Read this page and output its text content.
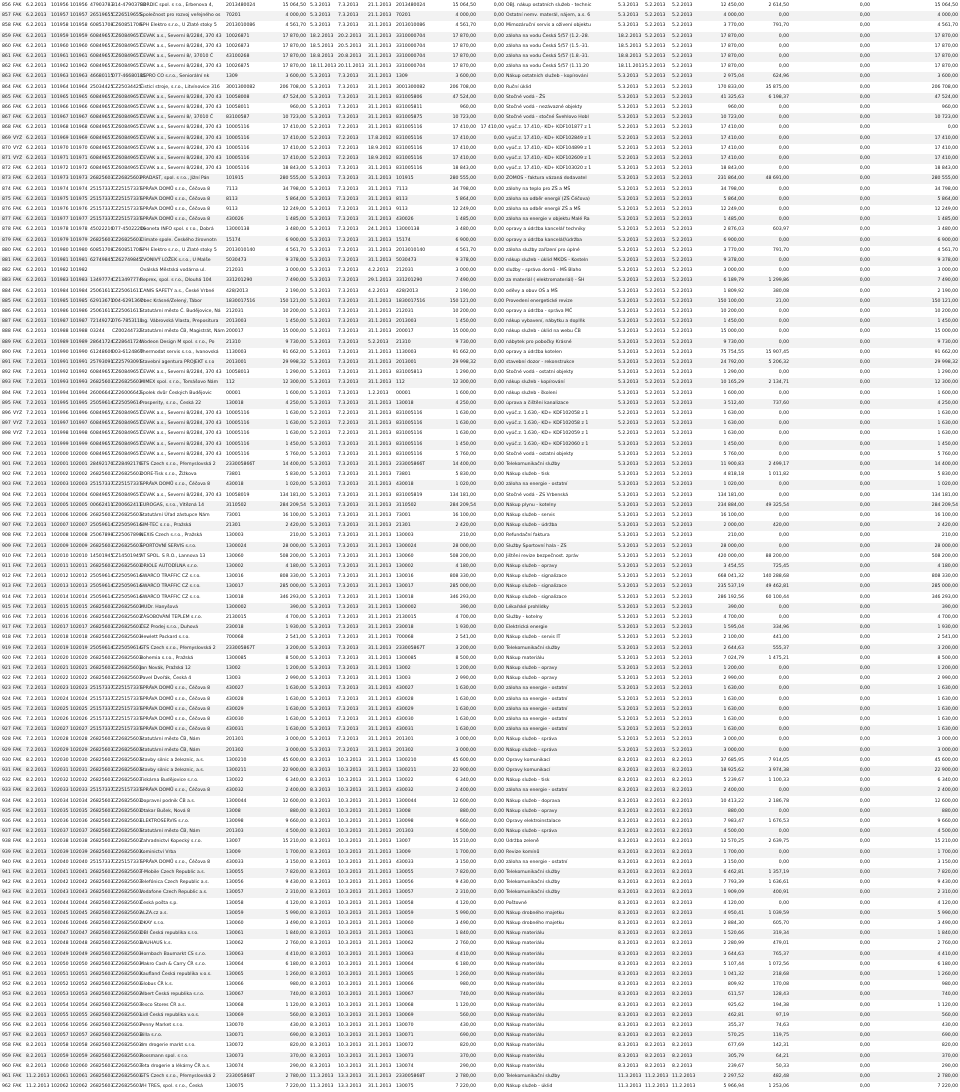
856 FAK	6.2.2013 101956 101956 47903783
314-47903783
SORDIC spol. s r.o., Erbenova 4,	2013480024	15 064,50 5.3.2013	7.3.2013	21.1.2013	2013480024	15 064,50	0,00 OBJ. nákup ostatních služeb - technic	5.3.2013	5.2.2013	5.2.2013	12 450,00	2 614,50	0,00	15 064,50
857 FAK	6.2.2013 101957 101957 26519655
CZ26519655
Společnost pro rozvoj veřejného os	70201	4 000,00 5.3.2013	7.3.2013	21.1.2013	70201	4 000,00	0,00 Ostatní nemv. materál, nájem, a.s. 6	5.3.2013	5.2.2013	5.2.2013	4 000,00	0,00	0,00	4 000,00
858 FAK	6.2.2013 101958 101958 60851708
CZ60851708
SPH Elektro s.r.o., U Zlaté stoky 5	2013010086	4 561,70 5.3.2013	7.3.2013	31.1.2013	2013010086	4 561,70	0,00 Mimozáruční servis a oživení objektu	5.3.2013	5.2.2013	5.2.2013	3 770,00	791,70	0,00	4 561,70
859 FAK	6.2.2013 101959 101959 60849657
CZ60849657
ČEVAK a.s., Severní 8/2284, 370 43 10026871	17 870,00 18.2.2013	20.2.2013	31.1.2013	3310000704	17 870,00	0,00 záloha na vodu Česká 5/57 (1.2.-28.	18.2.2013 5.2.2013	5.2.2013	17 870,00	0,00	0,00	17 870,00
860 FAK	6.2.2013 101960 101960 60849657
CZ60849657
ČEVAK a.s., Severní 8/2284, 370 43 10026873	17 870,00 18.5.2013	20.5.2013	31.1.2013	3310000704	17 870,00	0,00 záloha na vodu Česká 5/57 (1.5.-31.	18.5.2013 5.2.2013	5.2.2013	17 870,00	0,00	0,00	17 870,00
861 FAK	6.2.2013 101961 101961 60849657
CZ60849657
ČEVAK a.s., Severní 8/, 37010 Č	43100268	17 870,00 18.8.2013	20.8.2013	31.1.2013	3310000704	17 870,00	0,00 záloha na vodu Česká 5/57 (1.8.-31.	18.8.2013 5.2.2013	5.2.2013	17 870,00	0,00	0,00	17 870,00
862 FAK	6.2.2013 101962 101962 60849657
CZ60849657
ČEVAK a.s., Severní 8/2284, 370 43 10026875	17 870,00 18.11.2013 20.11.2013 31.1.2013	3310000704	17 870,00	0,00 záloha na vodu Česká 5/57 (1.11.20	18.11.2013 5.2.2013	5.2.2013	17 870,00	0,00	0,00	17 870,00
863 FAK	6.2.2013 101963 101963 46680115
077-46680115
REPRO CO s.r.o., Seniorální nk	1309	3 600,00 5.3.2013	7.3.2013	31.1.2013	1309	3 600,00	0,00 Nákup ostatních služeb - kopírování	5.3.2013	5.2.2013	5.2.2013	2 975,04	624,96	0,00	3 600,00
864 FAK	6.2.2013 101964 101964 25034425
CZ25034425
Čistící stroje, s.r.o., Litvínovice 316	3001300082	206 708,00 5.3.2013	7.3.2013	31.1.2013	3001300082	206 708,00	0,00 Ruční úklid	5.3.2013	5.2.2013	5.2.2013	170 833,00	35 875,00	0,00	206 708,00
865 FAK	6.2.2013 101965 101965 60849657
CZ60849657
ČEVAK a.s., Severní 8/2284, 370 43 10058008	47 524,00 5.3.2013	7.3.2013	31.1.2013	831005806	47 524,00	0,00 Stočné vodá - ŽS	5.3.2013	5.2.2013	5.2.2013	41 325,63	6 198,37	0,00	47 524,00
866 FAK	6.2.2013 101966 101966 60849657
CZ60849657
ČEVAK a.s., Severní 8/2284, 370 43 10058011	960,00 5.3.2013	7.3.2013	31.1.2013	831005811	960,00	0,00 Stočné vodá - nezávazné objekty	5.3.2013	5.2.2013	5.2.2013	960,00	0,00	0,00	960,00
867 FAK	6.2.2013 101967 101967 60849657
CZ60849657
ČEVAK a.s., Severní 8/, 37010 Č	83100587	10 723,00 5.3.2013	7.3.2013	31.1.2013	831005875	10 723,00	0,00 Stočné vodá - stočné Švehlovo Hobl	5.3.2013	5.2.2013	5.2.2013	10 723,00	0,00	0,00	10 723,00
868 FAK	6.2.2013 101968 101968 60849657
CZ60849657
ČEVAK a.s., Severní 8/2284, 370 43 10005116	17 410,00 5.2.2013	7.2.2013	31.1.2013	831005116	17 410,00	17 410,00 vyúč.z. 17.410,- KD+ KDF101877 z 1	5.2.2013	5.2.2013	5.2.2013	17 410,00	0,00	0,00	0,00
869 VYZ 6.2.2013 101969 101969 60849657
CZ60849657
ČEVAK a.s., Severní 8/2284, 370 43 10005116	17 410,00 5.2.2013	7.2.2013	17.8.2012	831005116	17 410,00	0,00 vyúč.z. 17.410,- KD+ KDF102849 z 1	5.2.2013	5.2.2013	5.2.2013	17 410,00	0,00	0,00	17 410,00
870 VYZ 6.2.2013 101970 101970 60849657
CZ60849657
ČEVAK a.s., Severní 8/2284, 370 43 10005116	17 410,00 5.2.2013	7.2.2013	18.9.2012	831005116	17 410,00	0,00 vyúč.z. 17.410,- KD+ KDF104899 z 1	5.2.2013	5.2.2013	5.2.2013	17 410,00	0,00	0,00	17 410,00
871 VYZ 6.2.2013 101971 101971 60849657
CZ60849657
ČEVAK a.s., Severní 8/2284, 370 43 10005116	17 410,00 5.2.2013	7.2.2013	18.9.2012	831005116	17 410,00	0,00 vyúč.z. 17.410,- KD+ KDF102609 z 1	5.2.2013	5.2.2013	5.2.2013	17 410,00	0,00	0,00	17 410,00
872 FAK	6.2.2013 101972 101972 60849657
CZ60849657
ČEVAK a.s., Severní 8/2284, 370 43 10005116	18 843,00 5.3.2013	7.3.2013	31.1.2013	831005116	18 843,00	0,00 vyúč.z. 17.410,- KD+ KDF103020 z 1	5.3.2013	5.2.2013	5.2.2013	18 843,00	0,00	0,00	18 843,00
873 FAK	6.2.2013 101973 101973 26825603
CZ26825603
PRADAST, spol. s r.o., Jižní Pán	101915	280 555,00 5.3.2013	7.3.2013	31.1.2013	101915	280 555,00	0,00 ZOMOS - faktura vázaná dodavatel	5.3.2013	5.2.2013	5.2.2013	231 864,00	48 691,00	0,00	280 555,00
874 FAK	6.2.2013 101974 101974 25157337
CZ25157337
SPRÁVA DOMŮ s.r.o., Čéčova 8	7113	34 798,00 5.3.2013	7.3.2013	31.1.2013	7113	34 798,00	0,00 zálohy na teplo pro ZŠ a MŠ	5.3.2013	5.2.2013	5.2.2013	34 798,00	0,00	0,00	34 798,00
875 FAK	6.2.2013 101975 101975 25157337
CZ25157337
SPRÁVA DOMŮ s.r.o., Čéčova 8	8113	5 864,00 5.3.2013	7.3.2013	31.1.2013	8113	5 864,00	0,00 záloha na odběr energií (ZŠ Čéčova)	5.3.2013	5.2.2013	5.2.2013	5 864,00	0,00	0,00	5 864,00
876 FAK	6.2.2013 101976 101976 25157337
CZ25157337
SPRÁVA DOMŮ s.r.o., Čéčova 8	9113	12 249,00 5.3.2013	7.3.2013	31.1.2013	9113	12 249,00	0,00 záloha na odběr energií ZŠ a MŠ	5.3.2013	5.2.2013	5.2.2013	12 249,00	0,00	0,00	12 249,00
877 FAK	6.2.2013 101977 101977 25157337
CZ25157337
SPRÁVA DOMŮ s.r.o., Čéčova 8	430026	1 485,00 5.3.2013	7.3.2013	31.1.2013	430026	1 485,00	0,00 záloha na energie v objektu Malé Ra	5.3.2013	5.2.2013	5.2.2013	1 485,00	0,00	0,00	1 485,00
878 FAK	6.2.2013 101978 101978 45022216
077-45022216
Ovoneta INFO spol. s r.o., Dobrá	13000138	3 480,00 5.3.2013	7.3.2013	24.1.2013	13000138	3 480,00	0,00 opravy a údržba kancelář techniky	5.3.2013	5.2.2013	5.2.2013	2 876,03	603,97	0,00	3 480,00
879 FAK	6.2.2013 101979 101979 26825603
CZ26825603
Climate spole. Českého žirovnotn	15174	6 900,00 5.3.2013	7.3.2013	31.1.2013	15174	6 900,00	0,00 opravy a údržba kancelář/údržba	5.3.2013	5.2.2013	5.2.2013	6 900,00	0,00	0,00	6 900,00
880 FAK	6.2.2013 101980 101980 60851708
CZ60851708
SPH Elektro s.r.o., U Zlaté stoky 5	2013010140	4 561,70 5.3.2013	7.3.2013	31.1.2013	2013010140	4 561,70	0,00 záloha služby zařízení pro úplné	5.3.2013	5.2.2013	5.2.2013	3 770,00	791,70	0,00	4 561,70
881 FAK	6.2.2013 101981 101981 62749845
CZ62749845
ZVONIVÝ LOŽEK s.r.o., U Malše	5030473	9 378,00 5.3.2013	7.3.2013	31.1.2013	5030473	9 378,00	0,00 nákup služeb - úklid MKDS - Kosteln	5.3.2013	5.2.2013	5.2.2013	9 378,00	0,00	0,00	9 378,00
882 FAK	6.2.2013 101982 101982	Oválská Městská vodárna ul.	212031	3 000,00 5.3.2013	7.3.2013	4.2.2013	212031	3 000,00	0,00 služby - správa domů - MŠ Blaho	5.3.2013	5.2.2013	5.2.2013	3 000,00	0,00	0,00	3 000,00
883 FAK	6.2.2013 101983 101983 13497774
CZ13497774
Reprex, spol. s r.o., Dlouhá 104	331201290	7 490,00 5.3.2013	7.3.2013	29.1.2013	331201290	7 490,00	0,00 za materiál ( elektromateriál) - ŠH	5.3.2013	5.2.2013	5.2.2013	6 189,79	1 299,86	0,00	7 490,00
884 FAK	6.2.2013 101984 101984 25061611
CZ25061611
CANIS SAFETY a.s., České Vrbné	428/2013	2 190,00 5.3.2013	7.3.2013	4.2.2013	428/2013	2 190,00	0,00 oděvy a obuv OŠ a MŠ	5.3.2013	5.2.2013	5.2.2013	1 809,92	380,08	0,00	2 190,00
885 FAK	6.2.2013 101985 101985 62913671
004-6291367
Obec Krásné/Zelený, Tábor	1830017516	150 121,00 5.3.2013	7.3.2013	31.1.2013	1830017516	150 121,00	0,00 Provedení energetické revize	5.3.2013	5.2.2013	5.2.2013	150 100,00	21,00	0,00	150 121,00
886 FAK	6.2.2013 101986 101986 25061611
CZ25061611
Statutární město Č. Budějovice, Ná	212031	10 200,00 5.3.2013	7.3.2013	31.1.2013	212031	10 200,00	0,00 opravy a údržba - správa MČ	5.3.2013	5.2.2013	5.2.2013	10 200,00	0,00	0,00	10 200,00
887 FAK	6.2.2013 101987 101987 72149272
076-7853111
Ing. Vábrovská Vlasta, Prepositura	2013003	1 450,00 5.3.2013	7.3.2013	31.1.2013	2013003	1 450,00	0,00 nákup vybavení, nábytku a doplňk	5.3.2013	5.2.2013	5.2.2013	1 450,00	0,00	0,00	1 450,00
888 FAK	6.2.2013 101988 101988 03244	CZ00244732
Statutární město ČB, Magistrát, Nám 200017	15 000,00 5.3.2013	7.3.2013	31.1.2013	200017	15 000,00	0,00 nákup služeb - úklid na webu ČB	5.3.2013	5.2.2013	5.2.2013	15 000,00	0,00	0,00	15 000,00
889 FAK	6.2.2013 101989 101989 28641724
CZ28641724
Wodeon Design M spol. s r.o., Po	21310	9 730,00 5.3.2013	7.3.2013	5.2.2013	21310	9 730,00	0,00 nábytek pro pobočky Krásné	5.3.2013	5.2.2013	5.2.2013	9 730,00	0,00	0,00	9 730,00
890 FAK	7.2.2013 101990 101990 61248606
003-6124860
Thermodat servis s.r.o., Ivanovská	1130003	91 662,00 5.3.2013	7.3.2013	31.1.2013	1130003	91 662,00	0,00 opravy a údržba kotelen	5.3.2013	5.2.2013	5.2.2013	75 754,55	15 907,45	0,00	91 662,00
891 FAK	7.2.2013 101991 101991 25793091
CZ25793091
Stavební agentura PROJEKT s.r.o	2013001	29 998,32 5.3.2013	7.3.2013	31.1.2013	2013001	29 998,32	0,00 stavební dozor - rekonstrukce	5.3.2013	5.2.2013	5.2.2013	24 792,00	5 206,32	0,00	29 998,32
892 FAK	7.2.2013 101992 101992 60849657
CZ60849657
ČEVAK a.s., Severní 8/2284, 370 43 10058013	1 290,00 5.3.2013	7.3.2013	31.1.2013	831005813	1 290,00	0,00 Stočné vodá - ostatní objekty	5.3.2013	5.2.2013	5.2.2013	1 290,00	0,00	0,00	1 290,00
893 FAK	7.2.2013 101993 101993 26825603
CZ26825603
MIMEX spol. s r.o., Tomášovo Nám	112	12 300,00 5.3.2013	7.3.2013	31.1.2013	112	12 300,00	0,00 nákup služeb - kopírování	5.3.2013	5.2.2013	5.2.2013	10 165,29	2 134,71	0,00	12 300,00
894 FAK	7.2.2013 101994 101994 26006642
CZ26006642
Spolek dvůr Českých Budějovic	00001	1 600,00 5.3.2013	7.3.2013	1.2.2013	00001	1 600,00	0,00 nákup služeb - školení	5.3.2013	5.2.2013	5.2.2013	1 600,00	0,00	0,00	1 600,00
895 FAK	7.2.2013 101995 101995 25059614
CZ25059614
Prosperity, s.r.o., Česká 22	130018	4 250,00 5.3.2013	7.3.2013	31.1.2013	130018	4 250,00	0,00 úprava a čištění kanalizace	5.3.2013	5.2.2013	5.2.2013	3 512,40	737,60	0,00	4 250,00
896 VYZ 7.2.2013 101996 101996 60849657
CZ60849657
ČEVAK a.s., Severní 8/2284, 370 43 10005116	1 630,00 5.2.2013	7.2.2013	31.1.2013	831005116	1 630,00	0,00 vyúč.z. 1.630,- KD+ KDF102058 z 1	5.2.2013	5.2.2013	5.2.2013	1 630,00	0,00	0,00	1 630,00
897 VYZ 7.2.2013 101997 101997 60849657
CZ60849657
ČEVAK a.s., Severní 8/2284, 370 43 10005116	1 630,00 5.2.2013	7.2.2013	31.1.2013	831005116	1 630,00	0,00 vyúč.z. 1.630,- KD+ KDF102058 z 1	5.2.2013	5.2.2013	5.2.2013	1 630,00	0,00	0,00	1 630,00
898 VYZ 7.2.2013 101998 101998 60849657
CZ60849657
ČEVAK a.s., Severní 8/2284, 370 43 10005116	1 630,00 5.2.2013	7.2.2013	31.1.2013	831005116	1 630,00	0,00 vyúč.z. 1.630,- KD+ KDF102059 z 1	5.2.2013	5.2.2013	5.2.2013	1 630,00	0,00	0,00	1 630,00
899 FAK	7.2.2013 101999 101999 60849657
CZ60849657
ČEVAK a.s., Severní 8/2284, 370 43 10005116	1 450,00 5.3.2013	7.3.2013	31.1.2013	831005116	1 450,00	0,00 vyúč.z. 1.630,- KD+ KDF102060 z 1	5.3.2013	5.2.2013	5.2.2013	1 450,00	0,00	0,00	1 450,00
900 FAK	7.2.2013 102000 102000 60849657
CZ60849657
ČEVAK a.s., Severní 8/2284, 370 43 10005116	5 760,00 5.3.2013	7.3.2013	31.1.2013	831005116	5 760,00	0,00 Stočné vodá - ostatní objekty	5.3.2013	5.2.2013	5.2.2013	5 760,00	0,00	0,00	5 760,00
901 FAK	7.2.2013 102001 102001 28492170
CZ28492170
GTS Czech s.r.o., Přemyslovská 2	233005866T	14 400,00 5.3.2013	7.3.2013	31.1.2013	233005866T	14 400,00	0,00 Telekomunikační služby	5.3.2013	5.2.2013	5.2.2013	11 900,83	2 499,17	0,00	14 400,00
902 FAK	7.2.2013 102002 102002 26825603
CZ26825603
DORE-Tisk s.r.o., Žižkova	73801	5 830,00 5.3.2013	7.3.2013	31.1.2013	73801	5 830,00	0,00 Nákup služeb - tisk	5.3.2013	5.2.2013	5.2.2013	4 818,18	1 011,82	0,00	5 830,00
903 FAK	7.2.2013 102003 102003 25157337
CZ25157337
SPRÁVA DOMŮ s.r.o., Čéčova 8	430018	1 020,00 5.3.2013	7.3.2013	31.1.2013	430018	1 020,00	0,00 záloha na energie - ostatní	5.3.2013	5.2.2013	5.2.2013	1 020,00	0,00	0,00	1 020,00
904 FAK	7.2.2013 102004 102004 60849657
CZ60849657
ČEVAK a.s., Severní 8/2284, 370 43 10058019	134 181,00 5.3.2013	7.3.2013	31.1.2013	831005819	134 181,00	0,00 Stočné vodá - ZS Vrbenská	5.3.2013	5.2.2013	5.2.2013	134 181,00	0,00	0,00	134 181,00
905 FAK	7.2.2013 102005 102005 00662411
CZ00662411
EUROGAS, s.r.o., Vítězná 14	3110502	284 209,54 5.3.2013	7.3.2013	31.1.2013	3110502	284 209,54	0,00 Nákup plynu - kotelny	5.3.2013	5.2.2013	5.2.2013	234 884,00	49 325,54	0,00	284 209,54
906 FAK	7.2.2013 102006 102006 26825603
CZ26825603
Statutární Úřad zástupce Nám	73001	16 100,00 5.3.2013	7.3.2013	31.1.2013	73001	16 100,00	0,00 Nákup služeb - servis	5.3.2013	5.2.2013	5.2.2013	16 100,00	0,00	0,00	16 100,00
907 FAK	7.2.2013 102007 102007 25059614
CZ25059614
SIM-TEC s.r.o., Pražská	21301	2 420,00 5.3.2013	7.3.2013	31.1.2013	21301	2 420,00	0,00 Nákup služeb - údržba	5.3.2013	5.2.2013	5.2.2013	2 000,00	420,00	0,00	2 420,00
908 FAK	7.2.2013 102008 102008 25067898
CZ25067898
NEXIS Czech s.r.o., Pražská	130003	210,00 5.3.2013	7.3.2013	31.1.2013	130003	210,00	0,00 Refundační faktura	5.3.2013	5.2.2013	5.2.2013	210,00	0,00	0,00	210,00
909 FAK	7.2.2013 102009 102009 26825603
CZ26825603
ŠPORTOVNÍ SERVIS s.r.o.	1300024	28 000,00 5.3.2013	7.3.2013	31.1.2013	1300024	28 000,00	0,00 Služby Sportovní hala - ZS	5.3.2013	5.2.2013	5.2.2013	28 000,00	0,00	0,00	28 000,00
910 FAK	7.2.2013 102010 102010 14501945
CZ14501945
AT SPOL. S R.O., Lannova 13	130060	508 200,00 5.3.2013	7.3.2013	31.1.2013	130060	508 200,00	0,00 Jištění revize bezpečnost. zpráv	5.3.2013	5.2.2013	5.2.2013	420 000,00	88 200,00	0,00	508 200,00
911 FAK	7.2.2013 102011 102011 26825603
CZ26825603
ORIOLE AUTODÍLNA s.r.o.	130002	4 180,00 5.3.2013	7.3.2013	31.1.2013	130002	4 180,00	0,00 Nákup služeb - opravy	5.3.2013	5.2.2013	5.2.2013	3 454,55	725,45	0,00	4 180,00
912 FAK	7.2.2013 102012 102012 25059614
CZ25059614
SWARCO TRAFFIC CZ s.r.o.	130016	808 330,00 5.3.2013	7.3.2013	31.1.2013	130016	808 330,00	0,00 Nákup služeb - signalizace	5.3.2013	5.2.2013	5.2.2013	668 041,32	140 288,68	0,00	808 330,00
913 FAK	7.2.2013 102013 102013 25059614
CZ25059614
SWARCO TRAFFIC CZ s.r.o.	130017	285 000,00 5.3.2013	7.3.2013	31.1.2013	130017	285 000,00	0,00 Nákup služeb - signalizace	5.3.2013	5.2.2013	5.2.2013	235 537,19	49 462,81	0,00	285 000,00
914 FAK	7.2.2013 102014 102014 25059614
CZ25059614
SWARCO TRAFFIC CZ s.r.o.	130018	346 293,00 5.3.2013	7.3.2013	31.1.2013	130018	346 293,00	0,00 Nákup služeb - signalizace	5.3.2013	5.2.2013	5.2.2013	286 192,56	60 100,44	0,00	346 293,00
915 FAK	7.2.2013 102015 102015 26825603
CZ26825603
MUDr. Hanyšová	1300002	390,00 5.3.2013	7.3.2013	31.1.2013	1300002	390,00	0,00 Lékařské prohlídky	5.3.2013	5.2.2013	5.2.2013	390,00	0,00	0,00	390,00
916 FAK	7.2.2013 102016 102016 26825603
CZ26825603
ZÁSOBOVÁNÍ TEPLEM s.r.o.	2130015	4 700,00 5.3.2013	7.3.2013	31.1.2013	2130015	4 700,00	0,00 Služby - kotelny	5.3.2013	5.2.2013	5.2.2013	4 700,00	0,00	0,00	4 700,00
917 FAK	7.2.2013 102017 102017 26825603
CZ26825603
ČEZ Prodej s.r.o., Duhová	230018	1 930,00 5.3.2013	7.3.2013	31.1.2013	230018	1 930,00	0,00 Elektrická energie	5.3.2013	5.2.2013	5.2.2013	1 595,04	334,96	0,00	1 930,00
918 FAK	7.2.2013 102018 102018 26825603
CZ26825603
Hewlett Packard s.r.o.	700068	2 541,00 5.3.2013	7.3.2013	31.1.2013	700068	2 541,00	0,00 Nákup služeb - servis IT	5.3.2013	5.2.2013	5.2.2013	2 100,00	441,00	0,00	2 541,00
919 FAK	7.2.2013 102019 102019 25059614
CZ25059614
GTS Czech s.r.o., Přemyslovská 2	233005867T	3 200,00 5.3.2013	7.3.2013	31.1.2013	233005867T	3 200,00	0,00 Telekomunikační služby	5.3.2013	5.2.2013	5.2.2013	2 644,63	555,37	0,00	3 200,00
920 FAK	7.2.2013 102020 102020 26825603
CZ26825603
Bohemia s.r.o., Pražská	1300085	8 500,00 5.3.2013	7.3.2013	31.1.2013	1300085	8 500,00	0,00 Nákup materiálu	5.3.2013	5.2.2013	5.2.2013	7 024,79	1 475,21	0,00	8 500,00
921 FAK	7.2.2013 102021 102021 26825603
CZ26825603
Jan Novák, Pražská 12	13002	1 200,00 5.3.2013	7.3.2013	31.1.2013	13002	1 200,00	0,00 Nákup služeb - opravy	5.3.2013	5.2.2013	5.2.2013	1 200,00	0,00	0,00	1 200,00
922 FAK	7.2.2013 102022 102022 26825603
CZ26825603
Pavel Dvořák, Česká 4	13003	2 990,00 5.3.2013	7.3.2013	31.1.2013	13003	2 990,00	0,00 Nákup služeb - opravy	5.3.2013	5.2.2013	5.2.2013	2 990,00	0,00	0,00	2 990,00
923 FAK	7.2.2013 102023 102023 25157337
CZ25157337
SPRÁVA DOMŮ s.r.o., Čéčova 8	430027	1 630,00 5.3.2013	7.3.2013	31.1.2013	430027	1 630,00	0,00 záloha na energie - ostatní	5.3.2013	5.2.2013	5.2.2013	1 630,00	0,00	0,00	1 630,00
924 FAK	7.2.2013 102024 102024 25157337
CZ25157337
SPRÁVA DOMŮ s.r.o., Čéčova 8	430028	1 630,00 5.3.2013	7.3.2013	31.1.2013	430028	1 630,00	0,00 záloha na energie - ostatní	5.3.2013	5.2.2013	5.2.2013	1 630,00	0,00	0,00	1 630,00
925 FAK	7.2.2013 102025 102025 25157337
CZ25157337
SPRÁVA DOMŮ s.r.o., Čéčova 8	430029	1 630,00 5.3.2013	7.3.2013	31.1.2013	430029	1 630,00	0,00 záloha na energie - ostatní	5.3.2013	5.2.2013	5.2.2013	1 630,00	0,00	0,00	1 630,00
926 FAK	7.2.2013 102026 102026 25157337
CZ25157337
SPRÁVA DOMŮ s.r.o., Čéčova 8	430030	1 630,00 5.3.2013	7.3.2013	31.1.2013	430030	1 630,00	0,00 záloha na energie - ostatní	5.3.2013	5.2.2013	5.2.2013	1 630,00	0,00	0,00	1 630,00
927 FAK	7.2.2013 102027 102027 25157337
CZ25157337
SPRÁVA DOMŮ s.r.o., Čéčova 8	430031	1 630,00 5.3.2013	7.3.2013	31.1.2013	430031	1 630,00	0,00 záloha na energie - ostatní	5.3.2013	5.2.2013	5.2.2013	1 630,00	0,00	0,00	1 630,00
928 FAK	7.2.2013 102028 102028 26825603
CZ26825603
Statutární město ČB, Nám	201301	3 000,00 5.3.2013	7.3.2013	31.1.2013	201301	3 000,00	0,00 Nákup služeb - správa	5.3.2013	5.2.2013	5.2.2013	3 000,00	0,00	0,00	3 000,00
929 FAK	7.2.2013 102029 102029 26825603
CZ26825603
Statutární město ČB, Nám	201302	3 000,00 5.3.2013	7.3.2013	31.1.2013	201302	3 000,00	0,00 Nákup služeb - správa	5.3.2013	5.2.2013	5.2.2013	3 000,00	0,00	0,00	3 000,00
930 FAK	8.2.2013 102030 102030 26825603
CZ26825603
Stavby silnic a železnic, a.s.	1300210	45 600,00 8.3.2013	10.3.2013	31.1.2013	1300210	45 600,00	0,00 Opravy komunikací	8.3.2013	8.2.2013	8.2.2013	37 685,95	7 914,05	0,00	45 600,00
931 FAK	8.2.2013 102031 102031 26825603
CZ26825603
Stavby silnic a železnic, a.s.	1300211	22 900,00 8.3.2013	10.3.2013	31.1.2013	1300211	22 900,00	0,00 Opravy komunikací	8.3.2013	8.2.2013	8.2.2013	18 925,62	3 974,38	0,00	22 900,00
932 FAK	8.2.2013 102032 102032 26825603
CZ26825603
Tiskárna Budějovice s.r.o.	130022	6 340,00 8.3.2013	10.3.2013	31.1.2013	130022	6 340,00	0,00 Nákup služeb - tisk	8.3.2013	8.2.2013	8.2.2013	5 239,67	1 100,33	0,00	6 340,00
933 FAK	8.2.2013 102033 102033 25157337
CZ25157337
SPRÁVA DOMŮ s.r.o., Čéčova 8	430032	2 400,00 8.3.2013	10.3.2013	31.1.2013	430032	2 400,00	0,00 záloha na energie - ostatní	8.3.2013	8.2.2013	8.2.2013	2 400,00	0,00	0,00	2 400,00
934 FAK	8.2.2013 102034 102034 26825603
CZ26825603
Dopravní podnik ČB a.s.	1300044	12 600,00 8.3.2013	10.3.2013	31.1.2013	1300044	12 600,00	0,00 Nákup služeb - doprava	8.3.2013	8.2.2013	8.2.2013	10 413,22	2 186,78	0,00	12 600,00
935 FAK	8.2.2013 102035 102035 26825603
CZ26825603
Otakar Bušek, Nová 8	13008	880,00 8.3.2013	10.3.2013	31.1.2013	13008	880,00	0,00 Nákup služeb - opravy	8.3.2013	8.2.2013	8.2.2013	880,00	0,00	0,00	880,00
936 FAK	8.2.2013 102036 102036 26825603
CZ26825603
ELEKTROSERVIS s.r.o.	130098	9 660,00 8.3.2013	10.3.2013	31.1.2013	130098	9 660,00	0,00 Opravy elektroinstalace	8.3.2013	8.2.2013	8.2.2013	7 983,47	1 676,53	0,00	9 660,00
937 FAK	8.2.2013 102037 102037 26825603
CZ26825603
Statutární město ČB, Nám	201303	4 500,00 8.3.2013	10.3.2013	31.1.2013	201303	4 500,00	0,00 Nákup služeb - správa	8.3.2013	8.2.2013	8.2.2013	4 500,00	0,00	0,00	4 500,00
938 FAK	8.2.2013 102038 102038 26825603
CZ26825603
Zahradnictví Kopecký s.r.o.	13007	15 210,00 8.3.2013	10.3.2013	31.1.2013	13007	15 210,00	0,00 Údržba zeleně	8.3.2013	8.2.2013	8.2.2013	12 570,25	2 639,75	0,00	15 210,00
939 FAK	8.2.2013 102039 102039 26825603
CZ26825603
Kominictví Vrba	13009	1 700,00 8.3.2013	10.3.2013	31.1.2013	13009	1 700,00	0,00 Revize komínů	8.3.2013	8.2.2013	8.2.2013	1 700,00	0,00	0,00	1 700,00
940 FAK	8.2.2013 102040 102040 25157337
CZ25157337
SPRÁVA DOMŮ s.r.o., Čéčova 8	430033	3 150,00 8.3.2013	10.3.2013	31.1.2013	430033	3 150,00	0,00 záloha na energie - ostatní	8.3.2013	8.2.2013	8.2.2013	3 150,00	0,00	0,00	3 150,00
941 FAK	8.2.2013 102041 102041 26825603
CZ26825603
T-Mobile Czech Republic a.s.	130055	7 820,00 8.3.2013	10.3.2013	31.1.2013	130055	7 820,00	0,00 Telekomunikační služby	8.3.2013	8.2.2013	8.2.2013	6 462,81	1 357,19	0,00	7 820,00
942 FAK	8.2.2013 102042 102042 26825603
CZ26825603
Telefónica Czech Republic a.s.	130056	9 430,00 8.3.2013	10.3.2013	31.1.2013	130056	9 430,00	0,00 Telekomunikační služby	8.3.2013	8.2.2013	8.2.2013	7 793,39	1 636,61	0,00	9 430,00
943 FAK	8.2.2013 102043 102043 26825603
CZ26825603
Vodafone Czech Republic a.s.	130057	2 310,00 8.3.2013	10.3.2013	31.1.2013	130057	2 310,00	0,00 Telekomunikační služby	8.3.2013	8.2.2013	8.2.2013	1 909,09	400,91	0,00	2 310,00
944 FAK	8.2.2013 102044 102044 26825603
CZ26825603
Česká pošta s.p.	130058	4 120,00 8.3.2013	10.3.2013	31.1.2013	130058	4 120,00	0,00 Poštovné	8.3.2013	8.2.2013	8.2.2013	4 120,00	0,00	0,00	4 120,00
945 FAK	8.2.2013 102045 102045 26825603
CZ26825603
ALZA.cz a.s.	130059	5 990,00 8.3.2013	10.3.2013	31.1.2013	130059	5 990,00	0,00 Nákup drobného majetku	8.3.2013	8.2.2013	8.2.2013	4 950,41	1 039,59	0,00	5 990,00
946 FAK	8.2.2013 102046 102046 26825603
CZ26825603
OKAY s.r.o.	130060	3 490,00 8.3.2013	10.3.2013	31.1.2013	130060	3 490,00	0,00 Nákup drobného majetku	8.3.2013	8.2.2013	8.2.2013	2 884,30	605,70	0,00	3 490,00
947 FAK	8.2.2013 102047 102047 26825603
CZ26825603
OBI Česká republika s.r.o.	130061	1 840,00 8.3.2013	10.3.2013	31.1.2013	130061	1 840,00	0,00 Nákup materiálu	8.3.2013	8.2.2013	8.2.2013	1 520,66	319,34	0,00	1 840,00
948 FAK	8.2.2013 102048 102048 26825603
CZ26825603
BAUHAUS k.s.	130062	2 760,00 8.3.2013	10.3.2013	31.1.2013	130062	2 760,00	0,00 Nákup materiálu	8.3.2013	8.2.2013	8.2.2013	2 280,99	479,01	0,00	2 760,00
949 FAK	8.2.2013 102049 102049 26825603
CZ26825603
Hornbach Baumarkt CS s.r.o.	130063	4 410,00 8.3.2013	10.3.2013	31.1.2013	130063	4 410,00	0,00 Nákup materiálu	8.3.2013	8.2.2013	8.2.2013	3 644,63	765,37	0,00	4 410,00
950 FAK	8.2.2013 102050 102050 26825603
CZ26825603
Makro Cash & Carry ČR s.r.o.	130064	6 180,00 8.3.2013	10.3.2013	31.1.2013	130064	6 180,00	0,00 Nákup materiálu	8.3.2013	8.2.2013	8.2.2013	5 107,44	1 072,56	0,00	6 180,00
951 FAK	8.2.2013 102051 102051 26825603
CZ26825603
Kaufland Česká republika v.o.s.	130065	1 260,00 8.3.2013	10.3.2013	31.1.2013	130065	1 260,00	0,00 Nákup materiálu	8.3.2013	8.2.2013	8.2.2013	1 041,32	218,68	0,00	1 260,00
952 FAK	8.2.2013 102052 102052 26825603
CZ26825603
Globus ČR k.s.	130066	980,00 8.3.2013	10.3.2013	31.1.2013	130066	980,00	0,00 Nákup materiálu	8.3.2013	8.2.2013	8.2.2013	809,92	170,08	0,00	980,00
953 FAK	8.2.2013 102053 102053 26825603
CZ26825603
Albert Česká republika s.r.o.	130067	740,00 8.3.2013	10.3.2013	31.1.2013	130067	740,00	0,00 Nákup materiálu	8.3.2013	8.2.2013	8.2.2013	611,57	128,43	0,00	740,00
954 FAK	8.2.2013 102054 102054 26825603
CZ26825603
Tesco Stores ČR a.s.	130068	1 120,00 8.3.2013	10.3.2013	31.1.2013	130068	1 120,00	0,00 Nákup materiálu	8.3.2013	8.2.2013	8.2.2013	925,62	194,38	0,00	1 120,00
955 FAK	8.2.2013 102055 102055 26825603
CZ26825603
Lidl Česká republika v.o.s.	130069	560,00 8.3.2013	10.3.2013	31.1.2013	130069	560,00	0,00 Nákup materiálu	8.3.2013	8.2.2013	8.2.2013	462,81	97,19	0,00	560,00
956 FAK	8.2.2013 102056 102056 26825603
CZ26825603
Penny Market s.r.o.	130070	430,00 8.3.2013	10.3.2013	31.1.2013	130070	430,00	0,00 Nákup materiálu	8.3.2013	8.2.2013	8.2.2013	355,37	74,63	0,00	430,00
957 FAK	8.2.2013 102057 102057 26825603
CZ26825603
Billa s.r.o.	130071	690,00 8.3.2013	10.3.2013	31.1.2013	130071	690,00	0,00 Nákup materiálu	8.3.2013	8.2.2013	8.2.2013	570,25	119,75	0,00	690,00
958 FAK	8.2.2013 102058 102058 26825603
CZ26825603
dm drogerie markt s.r.o.	130072	820,00 8.3.2013	10.3.2013	31.1.2013	130072	820,00	0,00 Nákup materiálu	8.3.2013	8.2.2013	8.2.2013	677,69	142,31	0,00	820,00
959 FAK	8.2.2013 102059 102059 26825603
CZ26825603
Rossmann spol. s r.o.	130073	370,00 8.3.2013	10.3.2013	31.1.2013	130073	370,00	0,00 Nákup materiálu	8.3.2013	8.2.2013	8.2.2013	305,79	64,21	0,00	370,00
960 FAK	8.2.2013 102060 102060 26825603
CZ26825603
Teta drogerie a lékárny ČR a.s.	130074	290,00 8.3.2013	10.3.2013	31.1.2013	130074	290,00	0,00 Nákup materiálu	8.3.2013	8.2.2013	8.2.2013	239,67	50,33	0,00	290,00
961 FAK	11.2.2013 102061 102061 26825603
CZ26825603
GTS Czech s.r.o., Přemyslovská 2	233005868T	2 780,00 11.3.2013	13.3.2013	31.1.2013	233005868T	2 780,00	0,00 Telekomunikační služby	11.3.2013 11.2.2013 11.2.2013	2 297,52	482,48	0,00	2 780,00
962 FAK	11.2.2013 102062 102062 26825603
CZ26825603
VH TRES, spol. s r.o., Česká	130075	7 220,00 11.3.2013	13.3.2013	31.1.2013	130075	7 220,00	0,00 Nákup služeb - úklid	11.3.2013 11.2.2013 11.2.2013	5 966,94	1 253,06	0,00	7 220,00
